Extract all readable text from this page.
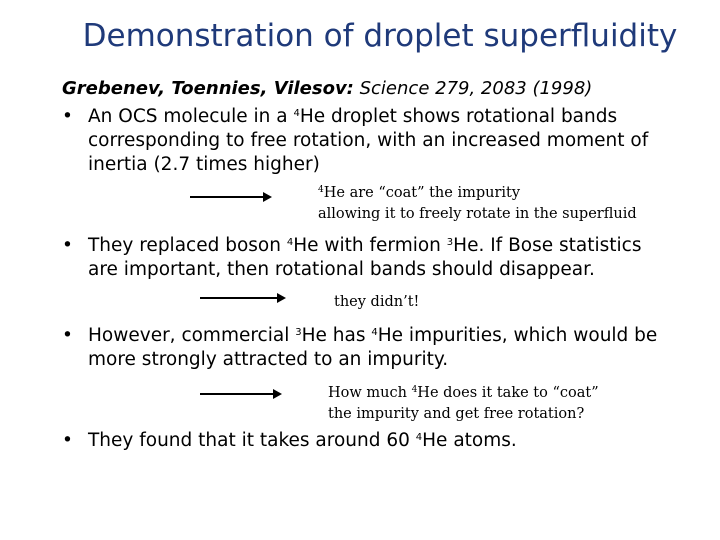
Demonstration of droplet superfluidity
Grebenev, Toennies, Vilesov: Science 279, 2083 (1998)
• An OCS molecule in a $^4$He droplet shows rotational bands corresponding to free rotation, with an increased moment of inertia (2.7 times higher)
$^4$He are “coat” the impurity
allowing it to freely rotate in the superfluid
• They replaced boson $^4$He with fermion $^3$He. If Bose statistics are important, then rotational bands should disappear.
they didn’t!
• However, commercial $^3$He has $^4$He impurities, which would be more strongly attracted to an impurity.
How much $^4$He does it take to “coat”
the impurity and get free rotation?
• They found that it takes around 60 $^4$He atoms.
